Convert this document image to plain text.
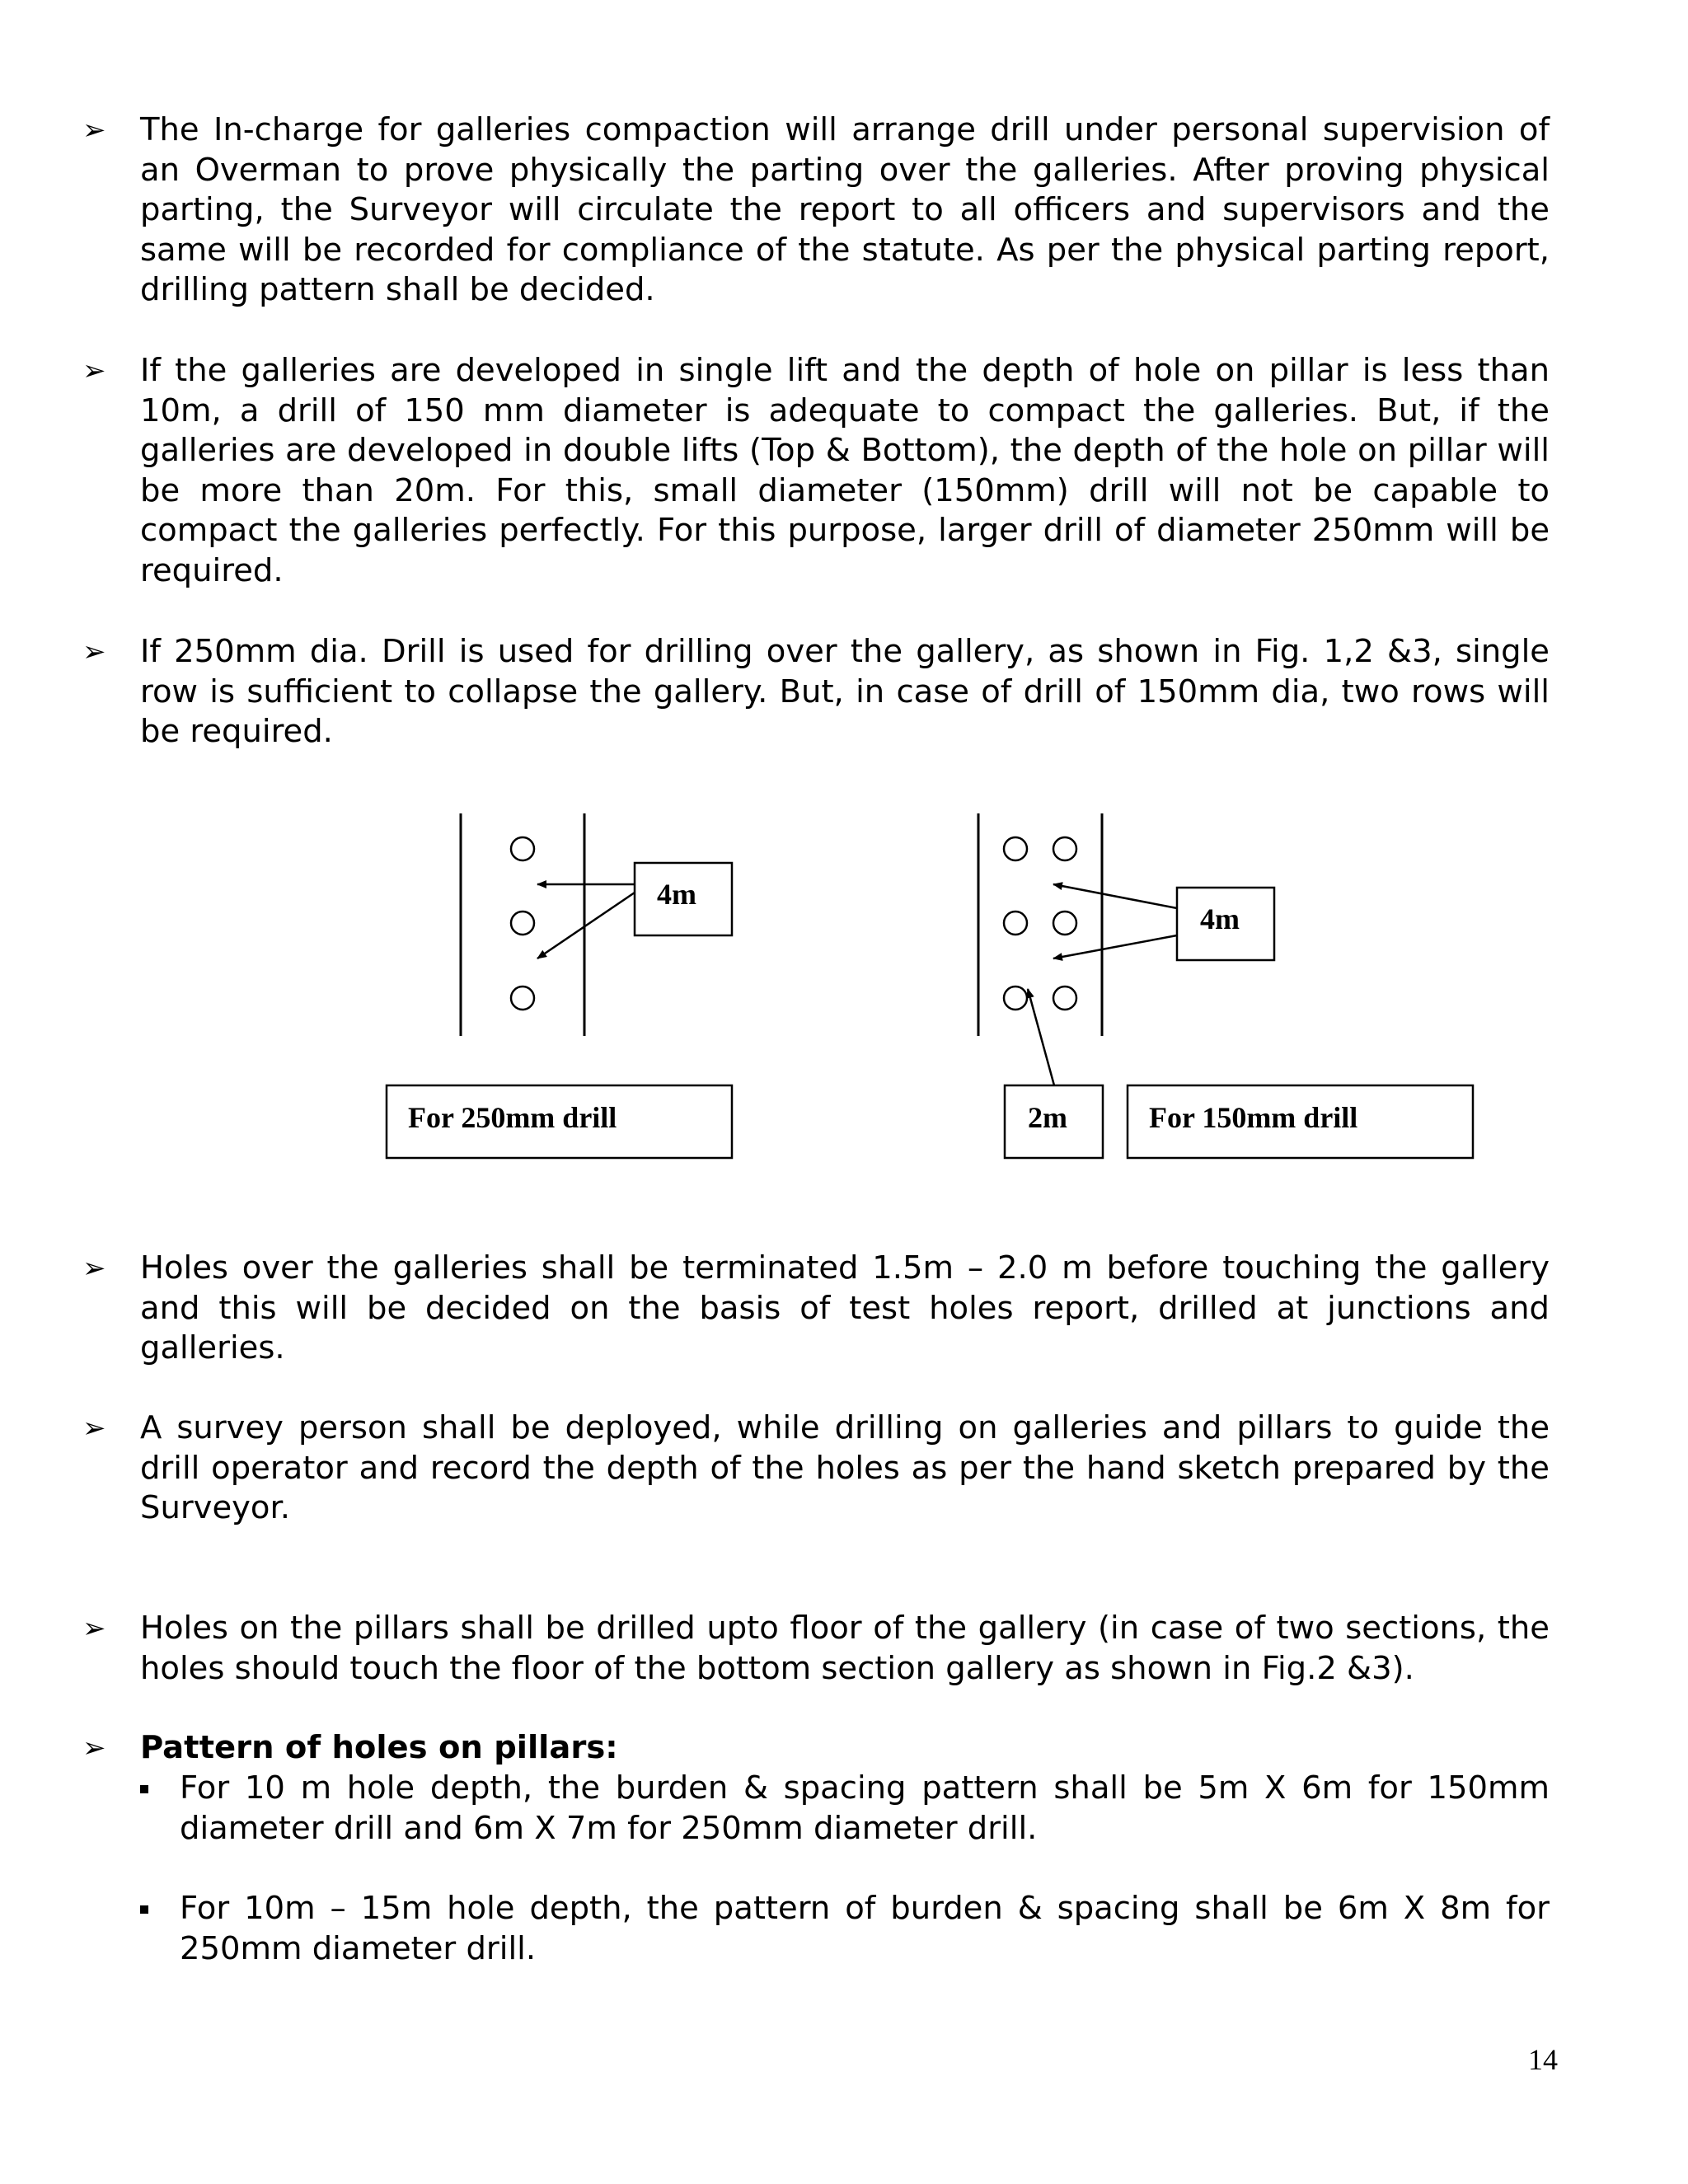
➢ The In-charge for galleries compaction will arrange drill under personal supervision of an Overman to prove physically the parting over the galleries. After proving physical parting, the Surveyor will circulate the report to all officers and supervisors and the same will be recorded for compliance of the statute. As per the physical parting report, drilling pattern shall be decided.
➢ If the galleries are developed in single lift and the depth of hole on pillar is less than 10m, a drill of 150 mm diameter is adequate to compact the galleries. But, if the galleries are developed in double lifts (Top & Bottom), the depth of the hole on pillar will be more than 20m. For this, small diameter (150mm) drill will not be capable to compact the galleries perfectly. For this purpose, larger drill of diameter 250mm will be required.
➢ If 250mm dia. Drill is used for drilling over the gallery, as shown in Fig. 1,2 &3, single row is sufficient to collapse the gallery. But, in case of drill of 150mm dia, two rows will be required.
4m
For 250mm drill
4m
2m	For 150mm drill
➢ Holes over the galleries shall be terminated 1.5m – 2.0 m before touching the gallery and this will be decided on the basis of test holes report, drilled at junctions and galleries.
➢ A survey person shall be deployed, while drilling on galleries and pillars to guide the drill operator and record the depth of the holes as per the hand sketch prepared by the Surveyor.
➢ Holes on the pillars shall be drilled upto floor of the gallery (in case of two sections, the holes should touch the floor of the bottom section gallery as shown in Fig.2 &3).
➢ Pattern of holes on pillars:
For 10 m hole depth, the burden & spacing pattern shall be 5m X 6m for 150mm diameter drill and 6m X 7m for 250mm diameter drill.
For 10m – 15m hole depth, the pattern of burden & spacing shall be 6m X 8m for 250mm diameter drill.
14
